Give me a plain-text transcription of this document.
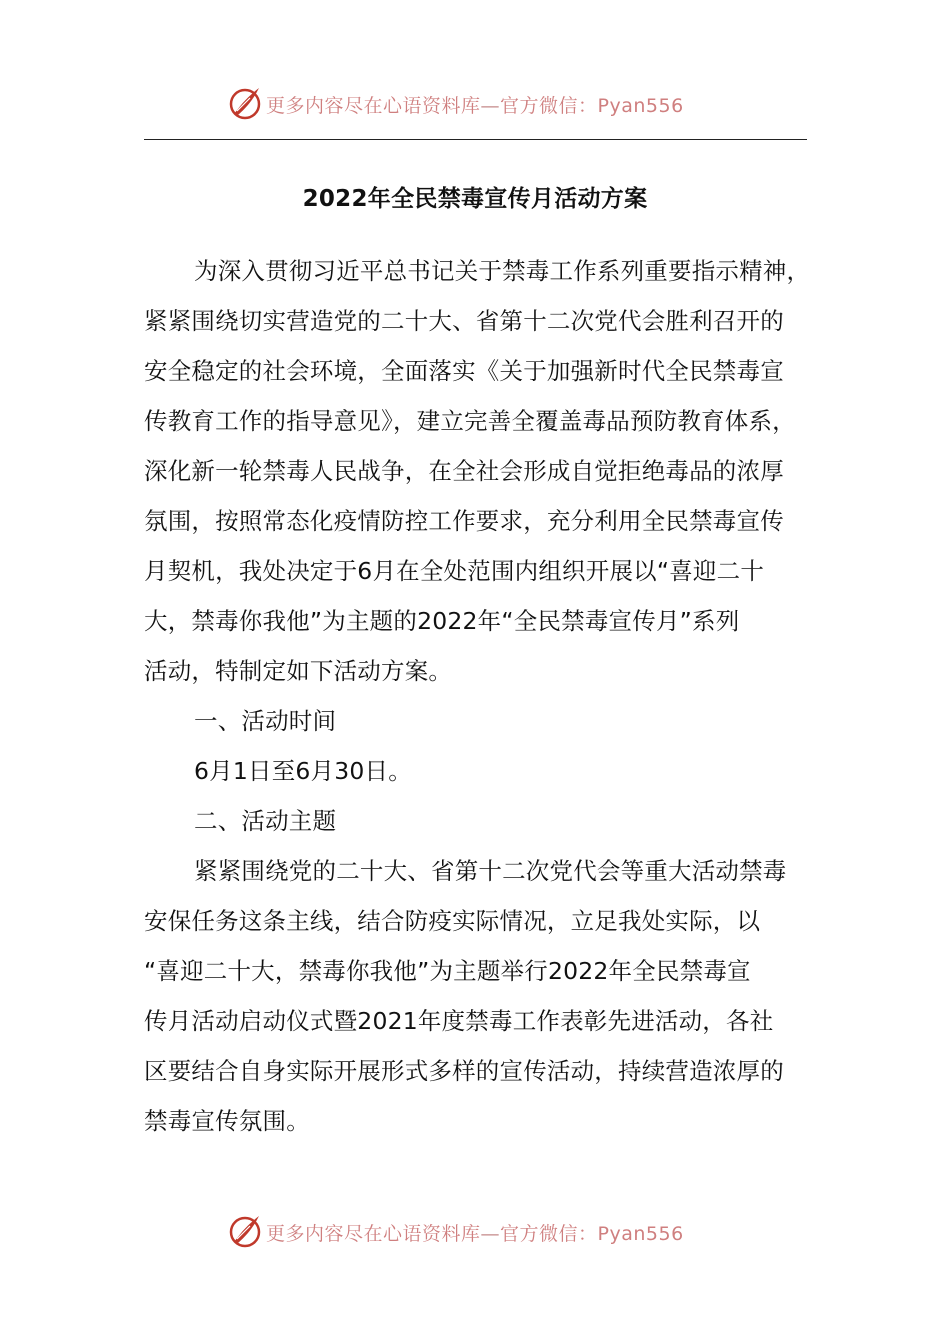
更多内容尽在心语资料库—官方微信：Pyan556
2022年全民禁毒宣传月活动方案
为深入贯彻习近平总书记关于禁毒工作系列重要指示精神，
紧紧围绕切实营造党的二十大、省第十二次党代会胜利召开的
安全稳定的社会环境，全面落实《关于加强新时代全民禁毒宣
传教育工作的指导意见》，建立完善全覆盖毒品预防教育体系，
深化新一轮禁毒人民战争，在全社会形成自觉拒绝毒品的浓厚
氛围，按照常态化疫情防控工作要求，充分利用全民禁毒宣传
月契机，我处决定于6月在全处范围内组织开展以“喜迎二十
大，禁毒你我他”为主题的2022年“全民禁毒宣传月”系列
活动，特制定如下活动方案。
一、活动时间
6月1日至6月30日。
二、活动主题
紧紧围绕党的二十大、省第十二次党代会等重大活动禁毒
安保任务这条主线，结合防疫实际情况，立足我处实际，以
“喜迎二十大，禁毒你我他”为主题举行2022年全民禁毒宣
传月活动启动仪式暨2021年度禁毒工作表彰先进活动，各社
区要结合自身实际开展形式多样的宣传活动，持续营造浓厚的
禁毒宣传氛围。
更多内容尽在心语资料库—官方微信：Pyan556
